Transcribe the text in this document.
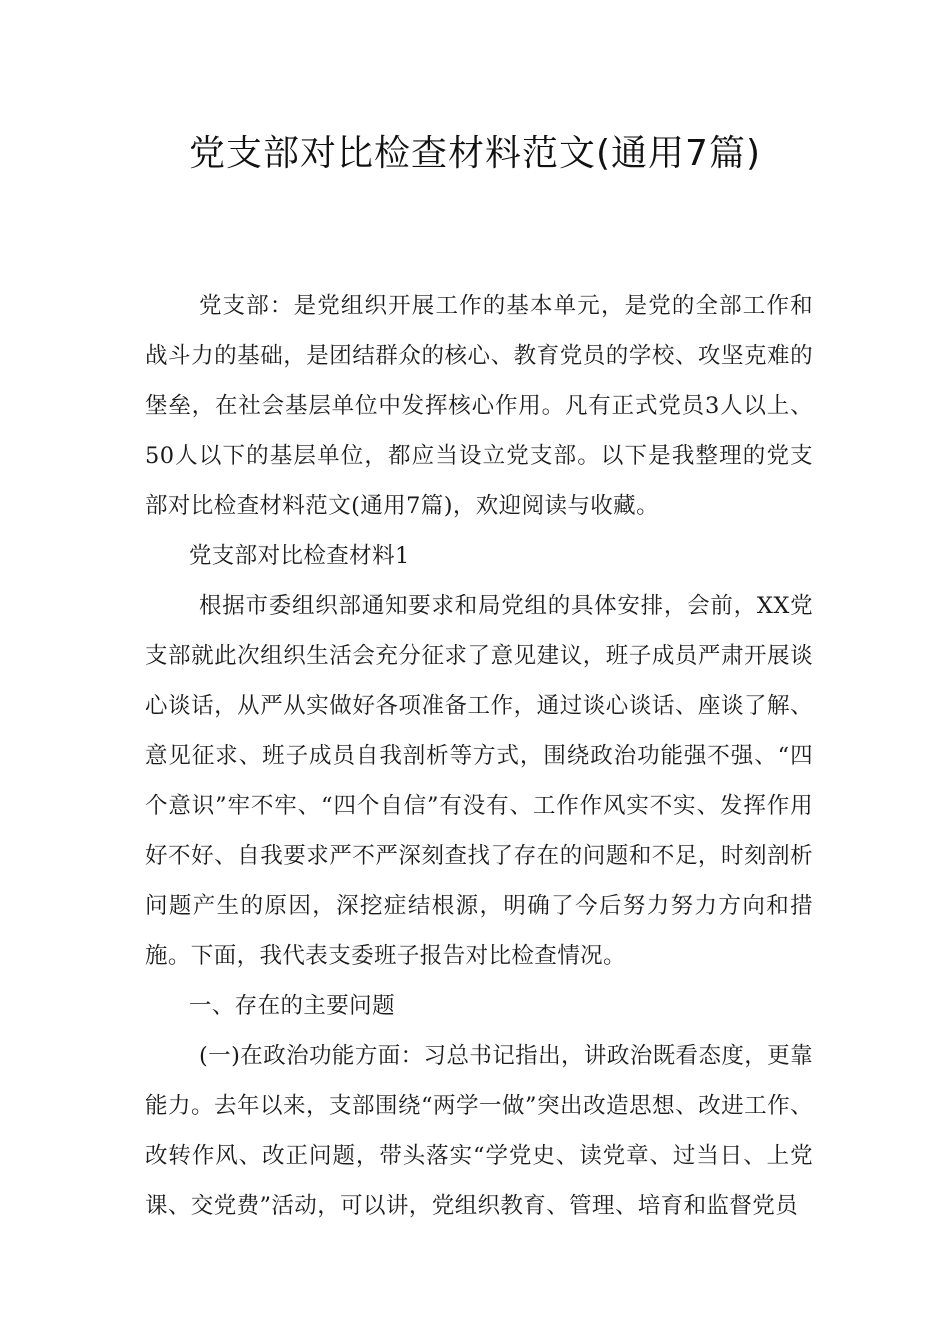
党支部对比检查材料范文(通用7篇)

党支部：是党组织开展工作的基本单元，是党的全部工作和战斗力的基础，是团结群众的核心、教育党员的学校、攻坚克难的堡垒，在社会基层单位中发挥核心作用。凡有正式党员3人以上、50人以下的基层单位，都应当设立党支部。以下是我整理的党支部对比检查材料范文(通用7篇)，欢迎阅读与收藏。

党支部对比检查材料1

根据市委组织部通知要求和局党组的具体安排，会前，XX党支部就此次组织生活会充分征求了意见建议，班子成员严肃开展谈心谈话，从严从实做好各项准备工作，通过谈心谈话、座谈了解、意见征求、班子成员自我剖析等方式，围绕政治功能强不强、“四个意识”牢不牢、“四个自信”有没有、工作作风实不实、发挥作用好不好、自我要求严不严深刻查找了存在的问题和不足，时刻剖析问题产生的原因，深挖症结根源，明确了今后努力努力方向和措施。下面，我代表支委班子报告对比检查情况。

一、存在的主要问题

(一)在政治功能方面：习总书记指出，讲政治既看态度，更靠能力。去年以来，支部围绕“两学一做”突出改造思想、改进工作、改转作风、改正问题，带头落实“学党史、读党章、过当日、上党课、交党费”活动，可以讲，党组织教育、管理、培育和监督党员
